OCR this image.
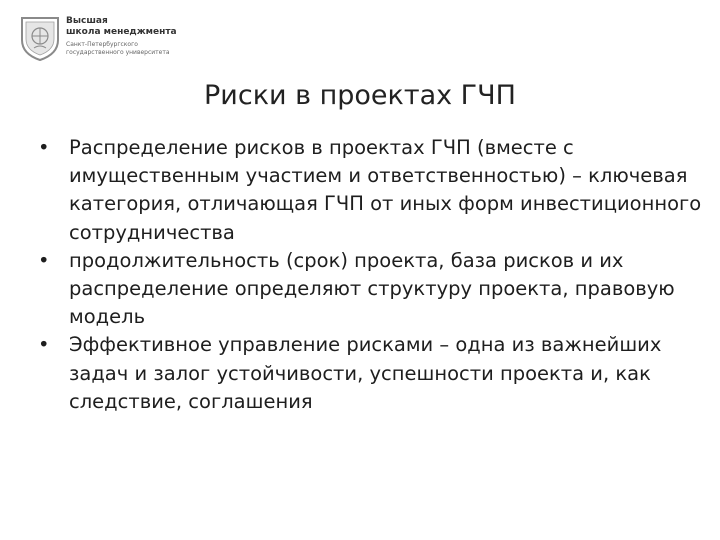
Высшая
школа менеджмента
Санкт-Петербургского
государственного университета
Риски в проектах ГЧП
• Распределение рисков в проектах ГЧП (вместе с имущественным участием и ответственностью) – ключевая категория, отличающая ГЧП от иных форм инвестиционного сотрудничества
• продолжительность (срок) проекта, база рисков и их распределение определяют структуру проекта, правовую модель
• Эффективное управление рисками – одна из важнейших задач и залог устойчивости, успешности проекта и, как следствие, соглашения
